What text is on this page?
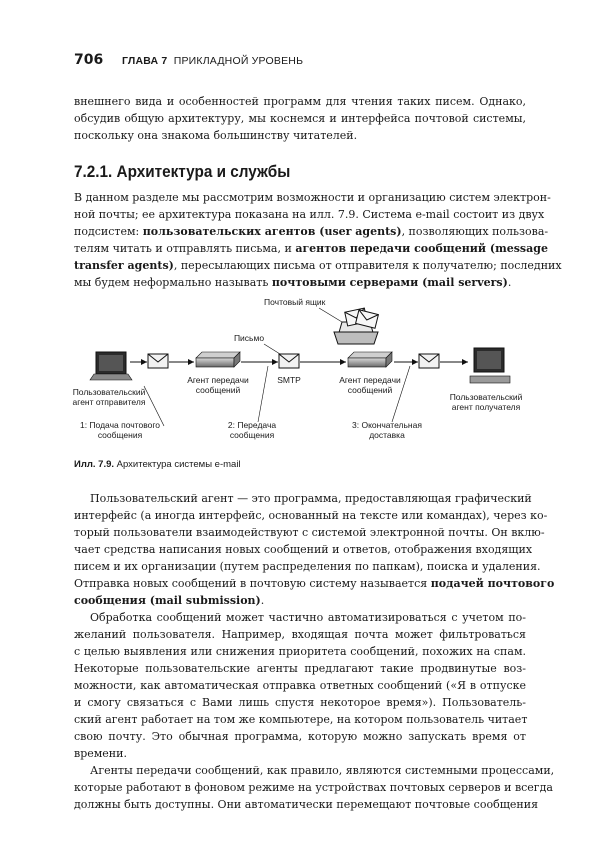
706 ГЛАВА 7 ПРИКЛАДНОЙ УРОВЕНЬ
внешнего вида и особенностей программ для чтения таких писем. Однако,
обсудив общую архитектуру, мы коснемся и интерфейса почтовой системы,
поскольку она знакома большинству читателей.
7.2.1. Архитектура и службы
В данном разделе мы рассмотрим возможности и организацию систем электрон-
ной почты; ее архитектура показана на илл. 7.9. Система e-mail состоит из двух
подсистем: пользовательских агентов (user agents), позволяющих пользова-
телям читать и отправлять письма, и агентов передачи сообщений (message
transfer agents), пересылающих письма от отправителя к получателю; последних
мы будем неформально называть почтовыми серверами (mail servers).
Почтовый ящик
Письмо
SMTP
Пользовательский
агент отправителя
Агент передачи
сообщений
Агент передачи
сообщений
Пользовательский
агент получателя
1: Подача почтового
сообщения
2: Передача
сообщения
3: Окончательная
доставка
Илл. 7.9. Архитектура системы e-mail
Пользовательский агент — это программа, предоставляющая графический
интерфейс (а иногда интерфейс, основанный на тексте или командах), через ко-
торый пользователи взаимодействуют с системой электронной почты. Он вклю-
чает средства написания новых сообщений и ответов, отображения входящих
писем и их организации (путем распределения по папкам), поиска и удаления.
Отправка новых сообщений в почтовую систему называется подачей почтового
сообщения (mail submission).
Обработка сообщений может частично автоматизироваться с учетом по-
желаний пользователя. Например, входящая почта может фильтроваться
с целью выявления или снижения приоритета сообщений, похожих на спам.
Некоторые пользовательские агенты предлагают такие продвинутые воз-
можности, как автоматическая отправка ответных сообщений («Я в отпуске
и смогу связаться с Вами лишь спустя некоторое время»). Пользователь-
ский агент работает на том же компьютере, на котором пользователь читает
свою почту. Это обычная программа, которую можно запускать время от
времени.
Агенты передачи сообщений, как правило, являются системными процессами,
которые работают в фоновом режиме на устройствах почтовых серверов и всегда
должны быть доступны. Они автоматически перемещают почтовые сообщения
